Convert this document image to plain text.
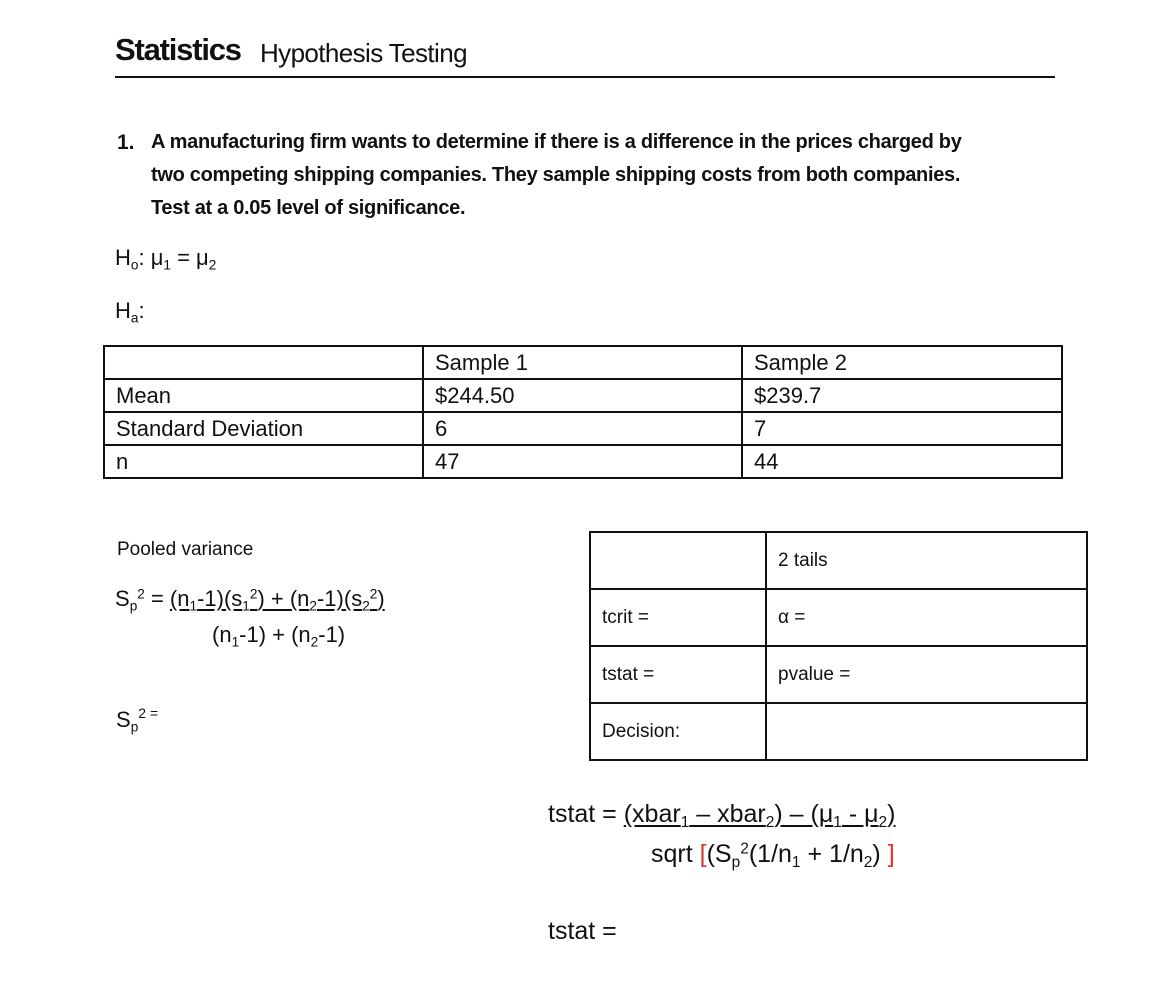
Statistics Hypothesis Testing
1. A manufacturing firm wants to determine if there is a difference in the prices charged by
two competing shipping companies. They sample shipping costs from both companies.
Test at a 0.05 level of significance.
$H_o$: $\mu_1 = \mu_2$
$H_a$:
	Sample 1	Sample 2
Mean	$244.50	$239.7
Standard Deviation	6	7
n	47	44
Pooled variance
$S_p^2 = (n_1-1)(s_1^2) + (n_2-1)(s_2^2)$
$(n_1-1) + (n_2-1)$
$S_p^{2 =}$
	2 tails
tcrit =	α =
tstat =	pvalue =
Decision:	
tstat = (xbar$_1$ – xbar$_2$) – $(\mu_1 - \mu_2)$
sqrt [($S_p^2(1/n_1 + 1/n_2)$ ]
tstat =
